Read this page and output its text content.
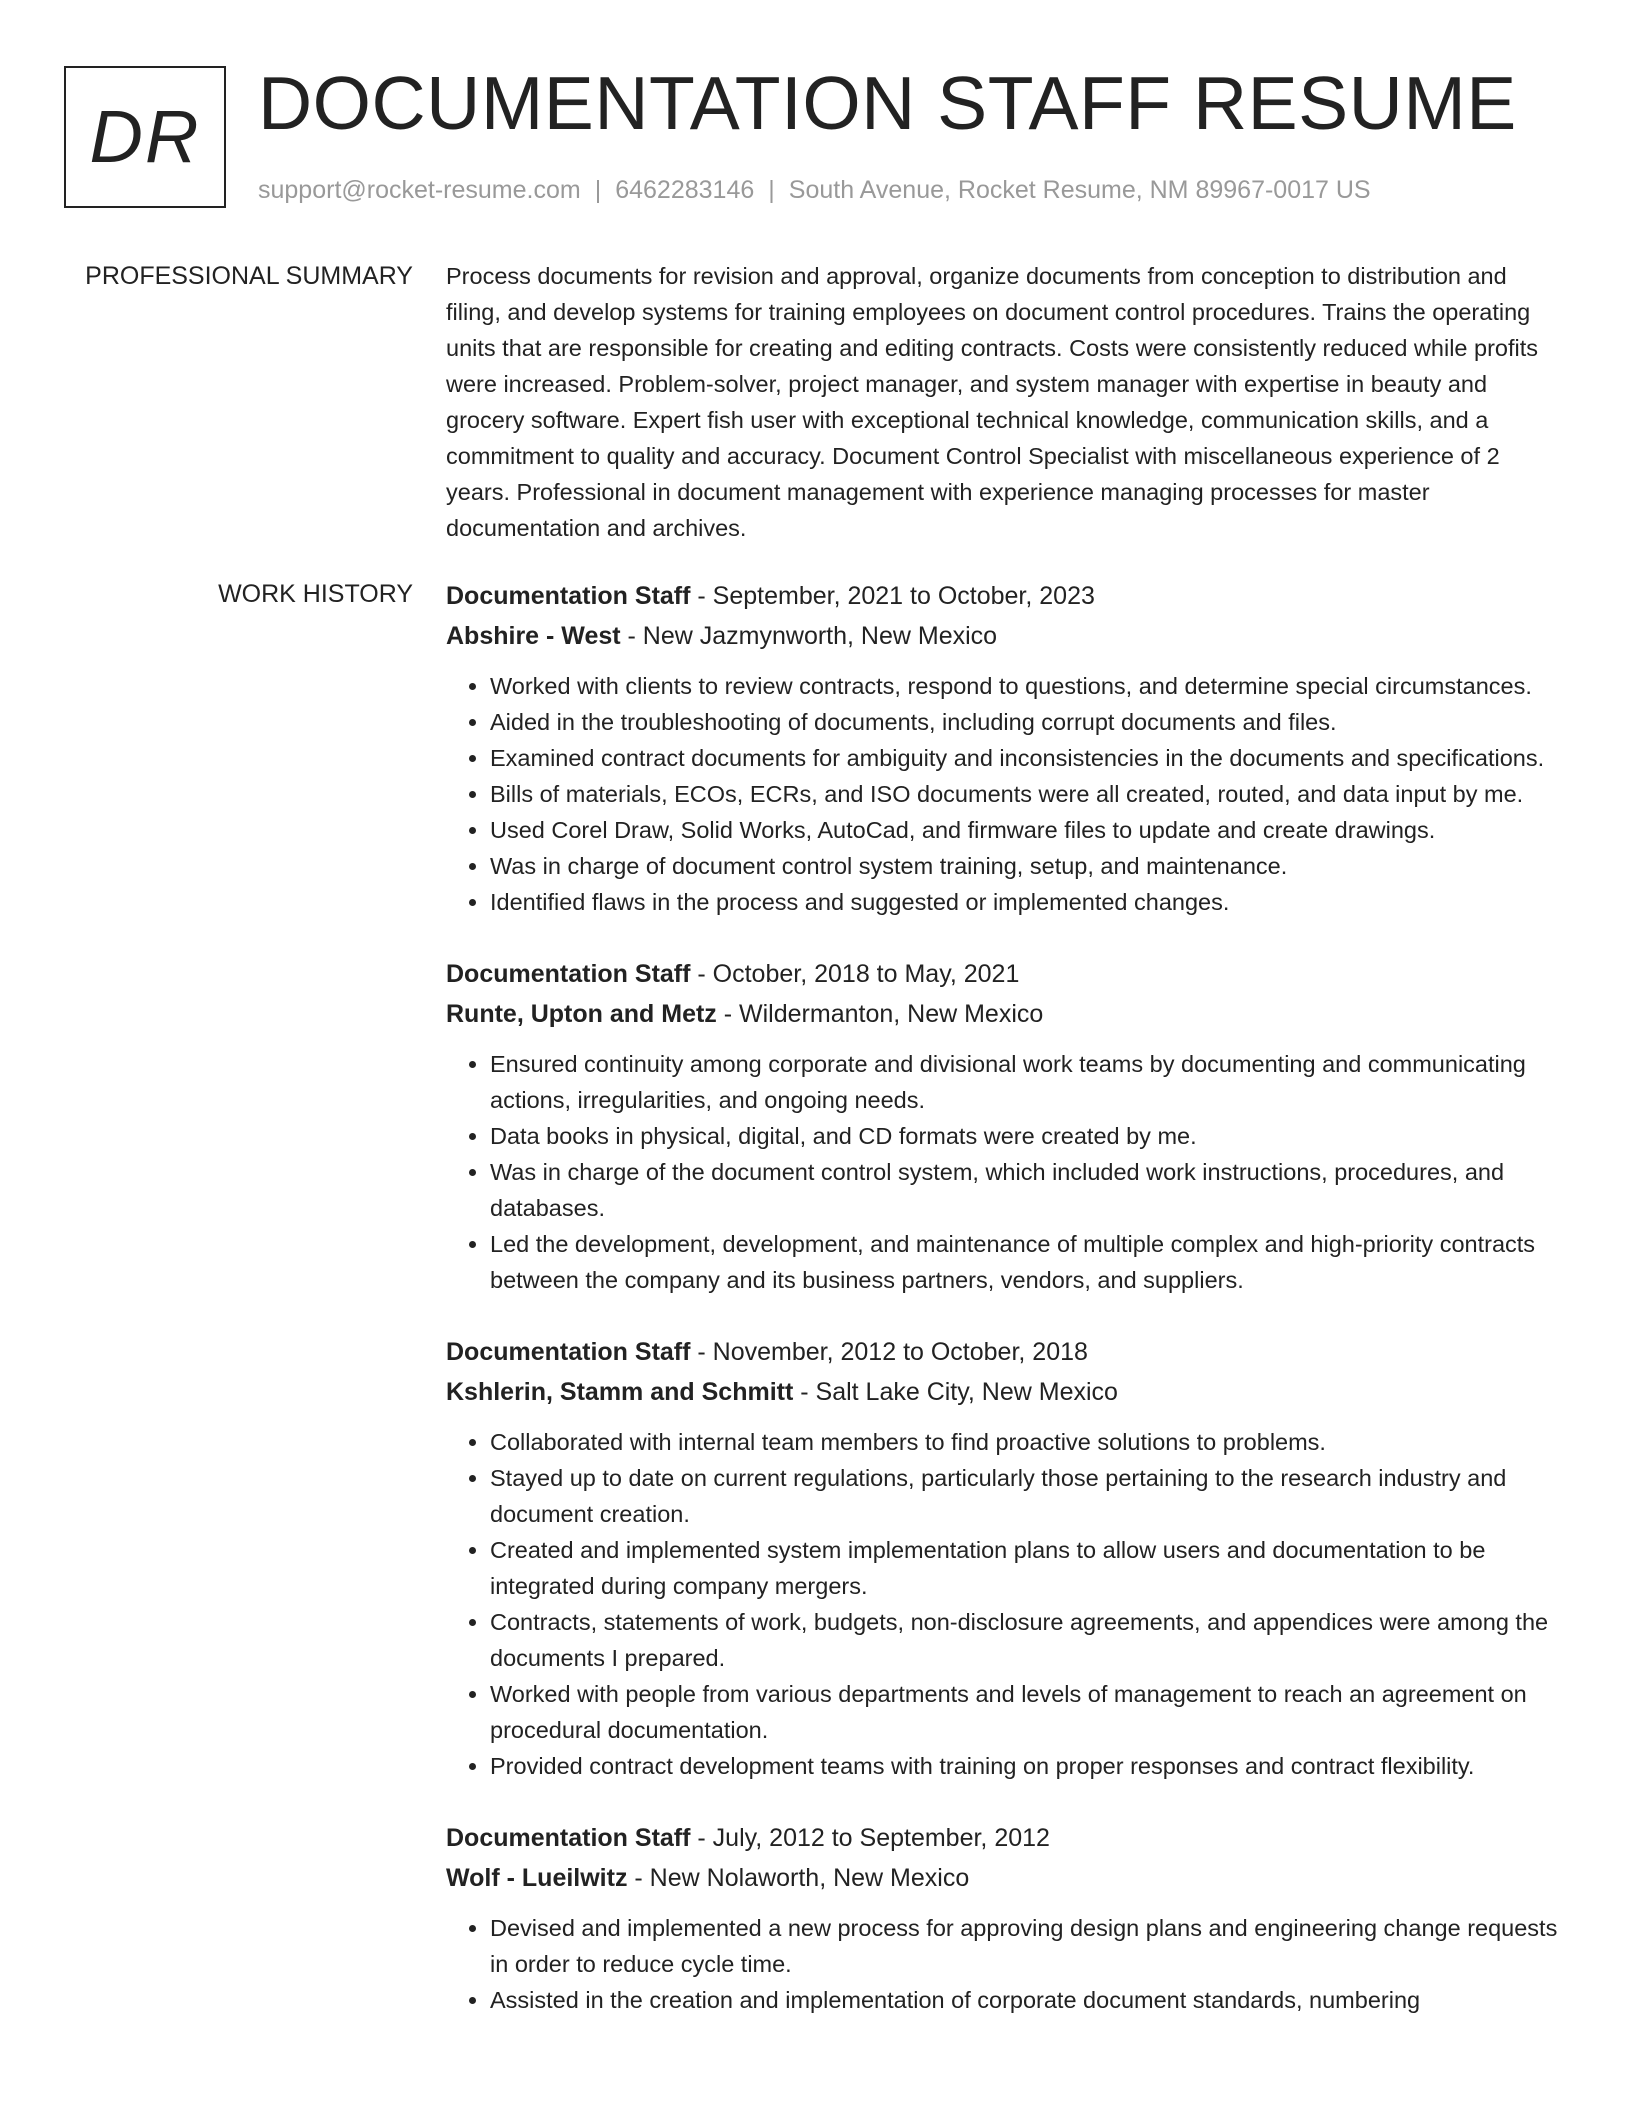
DR DOCUMENTATION STAFF RESUME
support@rocket-resume.com | 6462283146 | South Avenue, Rocket Resume, NM 89967-0017 US
PROFESSIONAL SUMMARY Process documents for revision and approval, organize documents from conception to distribution and filing, and develop systems for training employees on document control procedures. Trains the operating units that are responsible for creating and editing contracts. Costs were consistently reduced while profits were increased. Problem-solver, project manager, and system manager with expertise in beauty and grocery software. Expert fish user with exceptional technical knowledge, communication skills, and a commitment to quality and accuracy. Document Control Specialist with miscellaneous experience of 2 years. Professional in document management with experience managing processes for master documentation and archives.

WORK HISTORY Documentation Staff - September, 2021 to October, 2023
Abshire - West - New Jazmynworth, New Mexico
• Worked with clients to review contracts, respond to questions, and determine special circumstances.
• Aided in the troubleshooting of documents, including corrupt documents and files.
• Examined contract documents for ambiguity and inconsistencies in the documents and specifications.
• Bills of materials, ECOs, ECRs, and ISO documents were all created, routed, and data input by me.
• Used Corel Draw, Solid Works, AutoCad, and firmware files to update and create drawings.
• Was in charge of document control system training, setup, and maintenance.
• Identified flaws in the process and suggested or implemented changes.
Documentation Staff - October, 2018 to May, 2021
Runte, Upton and Metz - Wildermanton, New Mexico
• Ensured continuity among corporate and divisional work teams by documenting and communicating actions, irregularities, and ongoing needs.
• Data books in physical, digital, and CD formats were created by me.
• Was in charge of the document control system, which included work instructions, procedures, and databases.
• Led the development, development, and maintenance of multiple complex and high-priority contracts between the company and its business partners, vendors, and suppliers.
Documentation Staff - November, 2012 to October, 2018
Kshlerin, Stamm and Schmitt - Salt Lake City, New Mexico
• Collaborated with internal team members to find proactive solutions to problems.
• Stayed up to date on current regulations, particularly those pertaining to the research industry and document creation.
• Created and implemented system implementation plans to allow users and documentation to be integrated during company mergers.
• Contracts, statements of work, budgets, non-disclosure agreements, and appendices were among the documents I prepared.
• Worked with people from various departments and levels of management to reach an agreement on procedural documentation.
• Provided contract development teams with training on proper responses and contract flexibility.
Documentation Staff - July, 2012 to September, 2012
Wolf - Lueilwitz - New Nolaworth, New Mexico
• Devised and implemented a new process for approving design plans and engineering change requests in order to reduce cycle time.
• Assisted in the creation and implementation of corporate document standards, numbering
